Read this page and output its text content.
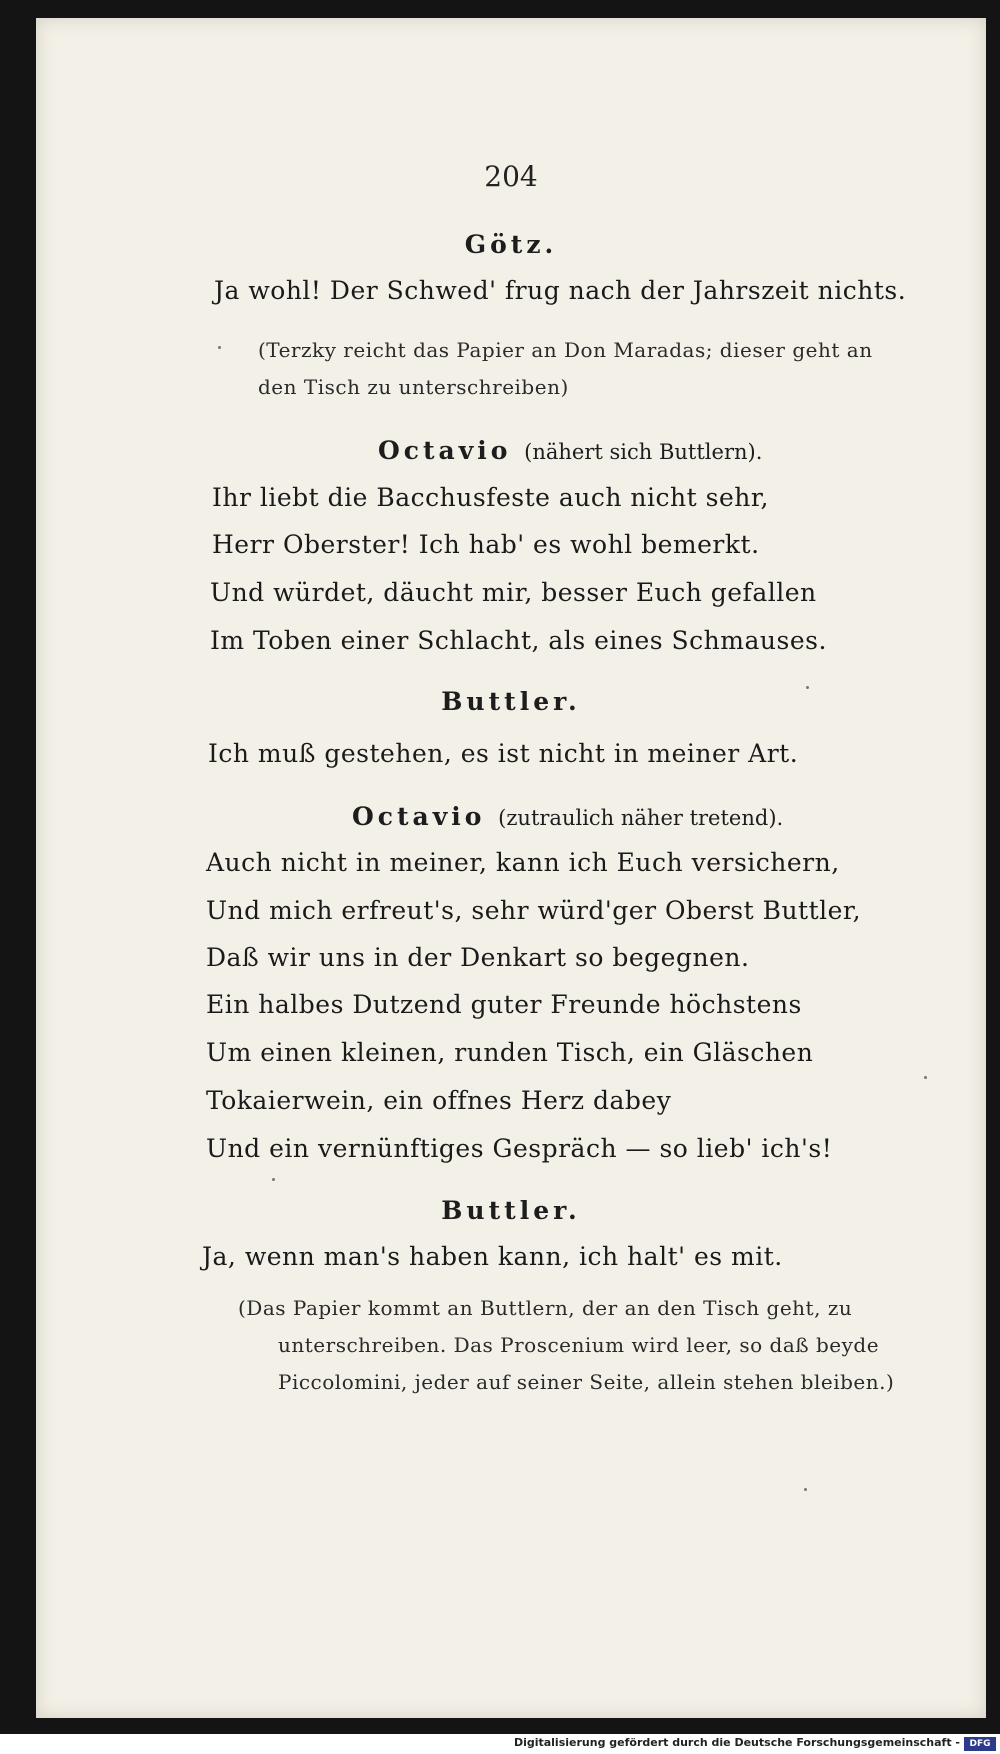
204
Götz.
Ja wohl! Der Schwed' frug nach der Jahrszeit nichts.
(Terzky reicht das Papier an Don Maradas; dieser geht an den Tisch zu unterschreiben)
Octavio (nähert sich Buttlern).
Ihr liebt die Bacchusfeste auch nicht sehr,
Herr Oberster! Ich hab' es wohl bemerkt.
Und würdet, däucht mir, besser Euch gefallen
Im Toben einer Schlacht, als eines Schmauses.
Buttler.
Ich muß gestehen, es ist nicht in meiner Art.
Octavio (zutraulich näher tretend).
Auch nicht in meiner, kann ich Euch versichern,
Und mich erfreut's, sehr würd'ger Oberst Buttler,
Daß wir uns in der Denkart so begegnen.
Ein halbes Dutzend guter Freunde höchstens
Um einen kleinen, runden Tisch, ein Gläschen
Tokaierwein, ein offnes Herz dabey
Und ein vernünftiges Gespräch — so lieb' ich's!
Buttler.
Ja, wenn man's haben kann, ich halt' es mit.
(Das Papier kommt an Buttlern, der an den Tisch geht, zu unterschreiben. Das Proscenium wird leer, so daß beyde Piccolomini, jeder auf seiner Seite, allein stehen bleiben.)
Digitalisierung gefördert durch die Deutsche Forschungsgemeinschaft -	DFG
